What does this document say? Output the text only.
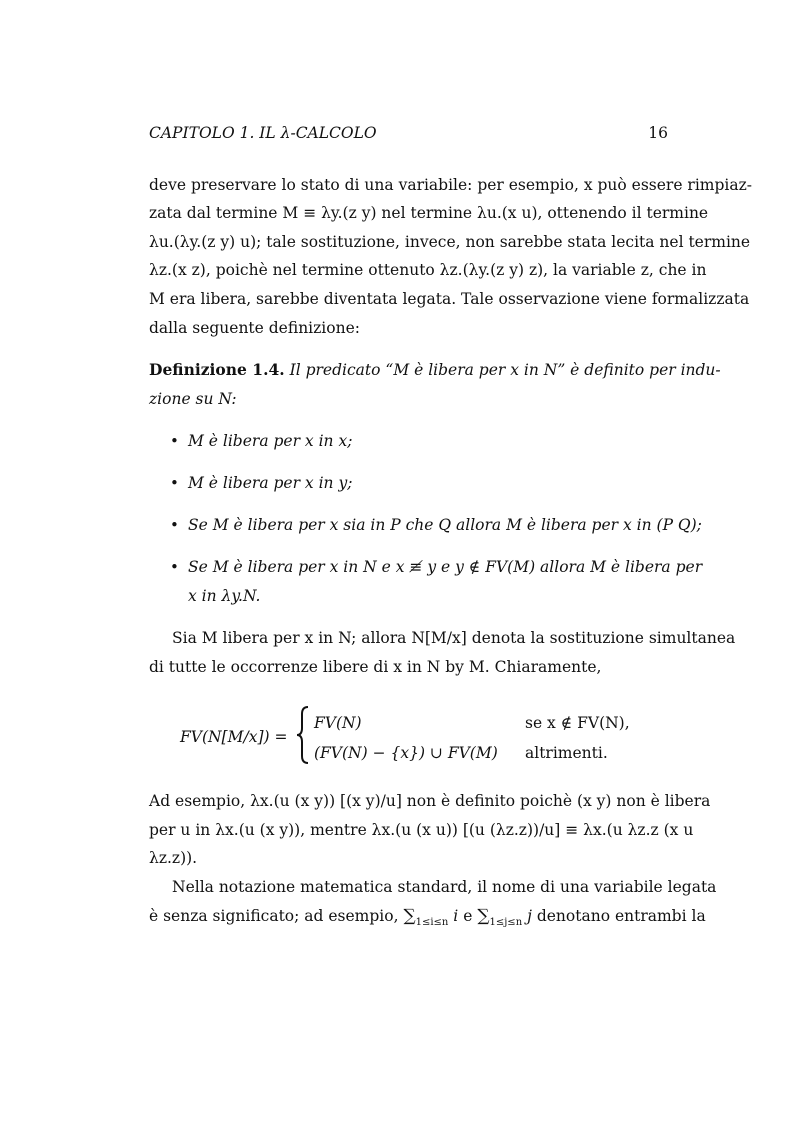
CAPITOLO 1. IL λ-CALCOLO	16
deve preservare lo stato di una variabile: per esempio, x può essere rimpiaz-
zata dal termine M ≡ λy.(z y) nel termine λu.(x u), ottenendo il termine
λu.(λy.(z y) u); tale sostituzione, invece, non sarebbe stata lecita nel termine
λz.(x z), poichè nel termine ottenuto λz.(λy.(z y) z), la variable z, che in
M era libera, sarebbe diventata legata. Tale osservazione viene formalizzata
dalla seguente definizione:
Definizione 1.4. Il predicato “M è libera per x in N” è definito per indu-
zione su N:
• M è libera per x in x;
• M è libera per x in y;
• Se M è libera per x sia in P che Q allora M è libera per x in (P Q);
• Se M è libera per x in N e x ≢ y e y ∉ FV(M) allora M è libera per
x in λy.N.
Sia M libera per x in N; allora N[M/x] denota la sostituzione simultanea
di tutte le occorrenze libere di x in N by M. Chiaramente,
FV(N[M/x]) =
FV(N)	se x ∉ FV(N),
(FV(N) − {x}) ∪ FV(M) altrimenti.
Ad esempio, λx.(u (x y)) [(x y)/u] non è definito poichè (x y) non è libera
per u in λx.(u (x y)), mentre λx.(u (x u)) [(u (λz.z))/u] ≡ λx.(u λz.z (x u
λz.z)).
Nella notazione matematica standard, il nome di una variabile legata
è senza significato; ad esempio, $\sum_{1\le i\le n}$ i e $\sum_{1\le j\le n}$ j denotano entrambi la
